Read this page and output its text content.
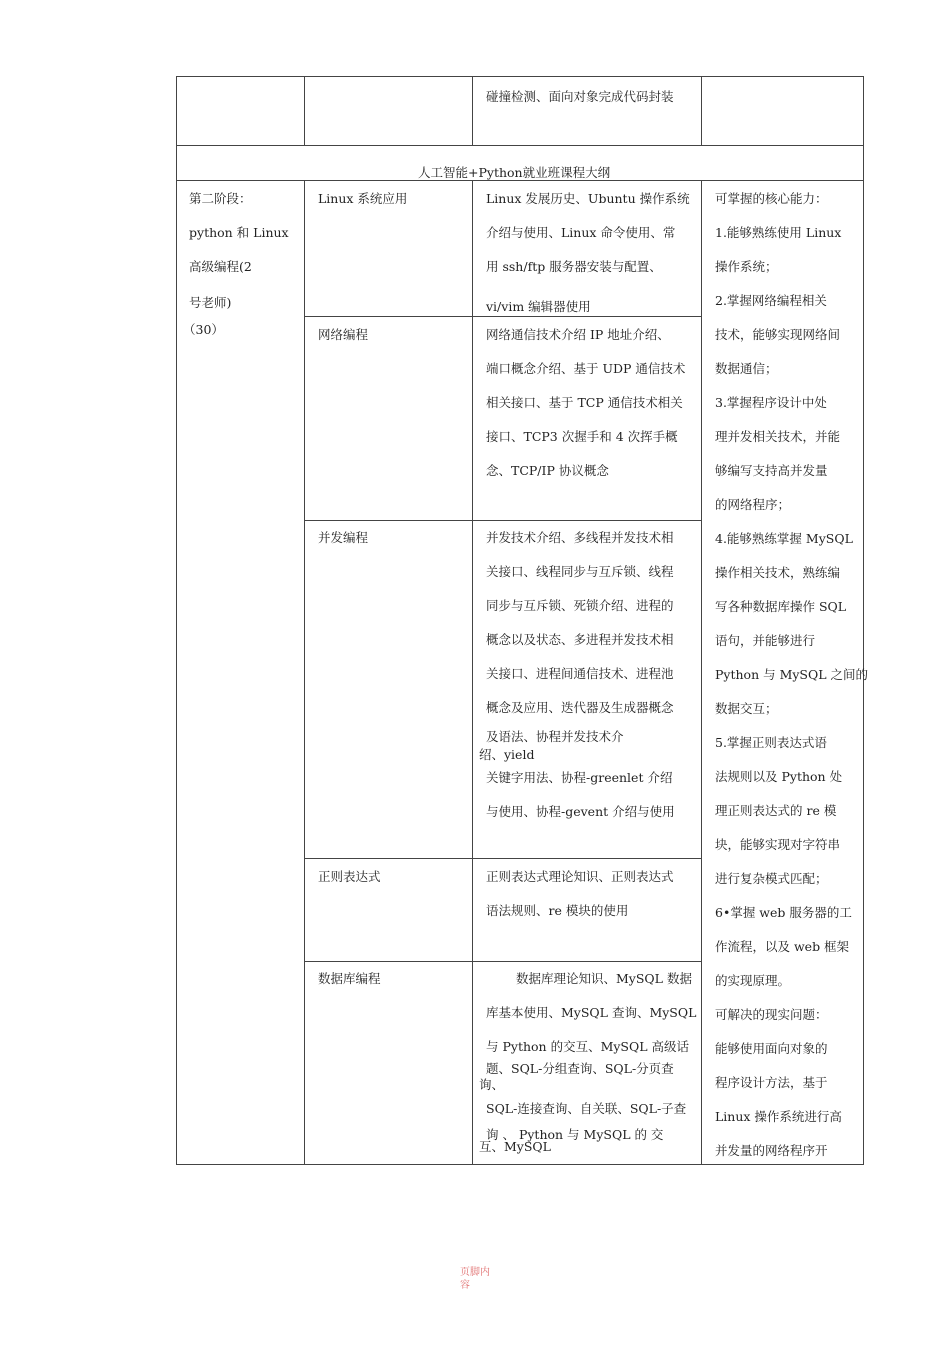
碰撞检测、面向对象完成代码封装
人工智能+Python就业班课程大纲
第二阶段：
python 和 Linux
高级编程(2
号老师)
（30）
Linux 系统应用
网络编程
并发编程
正则表达式
数据库编程
Linux 发展历史、Ubuntu 操作系统
介绍与使用、Linux 命令使用、常
用 ssh/ftp 服务器安装与配置、
vi/vim 编辑器使用
网络通信技术介绍 IP 地址介绍、
端口概念介绍、基于 UDP 通信技术
相关接口、基于 TCP 通信技术相关
接口、TCP3 次握手和 4 次挥手概
念、TCP/IP 协议概念
并发技术介绍、多线程并发技术相
关接口、线程同步与互斥锁、线程
同步与互斥锁、死锁介绍、进程的
概念以及状态、多进程并发技术相
关接口、进程间通信技术、进程池
概念及应用、迭代器及生成器概念
及语法、协程并发技术介
绍、yield
关键字用法、协程-greenlet 介绍
与使用、协程-gevent 介绍与使用
正则表达式理论知识、正则表达式
语法规则、re 模块的使用
数据库理论知识、MySQL 数据
库基本使用、MySQL 查询、MySQL
与 Python 的交互、MySQL 高级话
题、SQL-分组查询、SQL-分页查
询、
SQL-连接查询、自关联、SQL-子查
询 、 Python 与 MySQL 的 交
互、MySQL
可掌握的核心能力：
1.能够熟练使用 Linux
操作系统；
2.掌握网络编程相关
技术，能够实现网络间
数据通信；
3.掌握程序设计中处
理并发相关技术，并能
够编写支持高并发量
的网络程序；
4.能够熟练掌握 MySQL
操作相关技术，熟练编
写各种数据库操作 SQL
语句，并能够进行
Python 与 MySQL 之间的
数据交互；
5.掌握正则表达式语
法规则以及 Python 处
理正则表达式的 re 模
块，能够实现对字符串
进行复杂模式匹配；
6•掌握 web 服务器的工
作流程，以及 web 框架
的实现原理。
可解决的现实问题：
能够使用面向对象的
程序设计方法，基于
Linux 操作系统进行高
并发量的网络程序开
页脚内
容
